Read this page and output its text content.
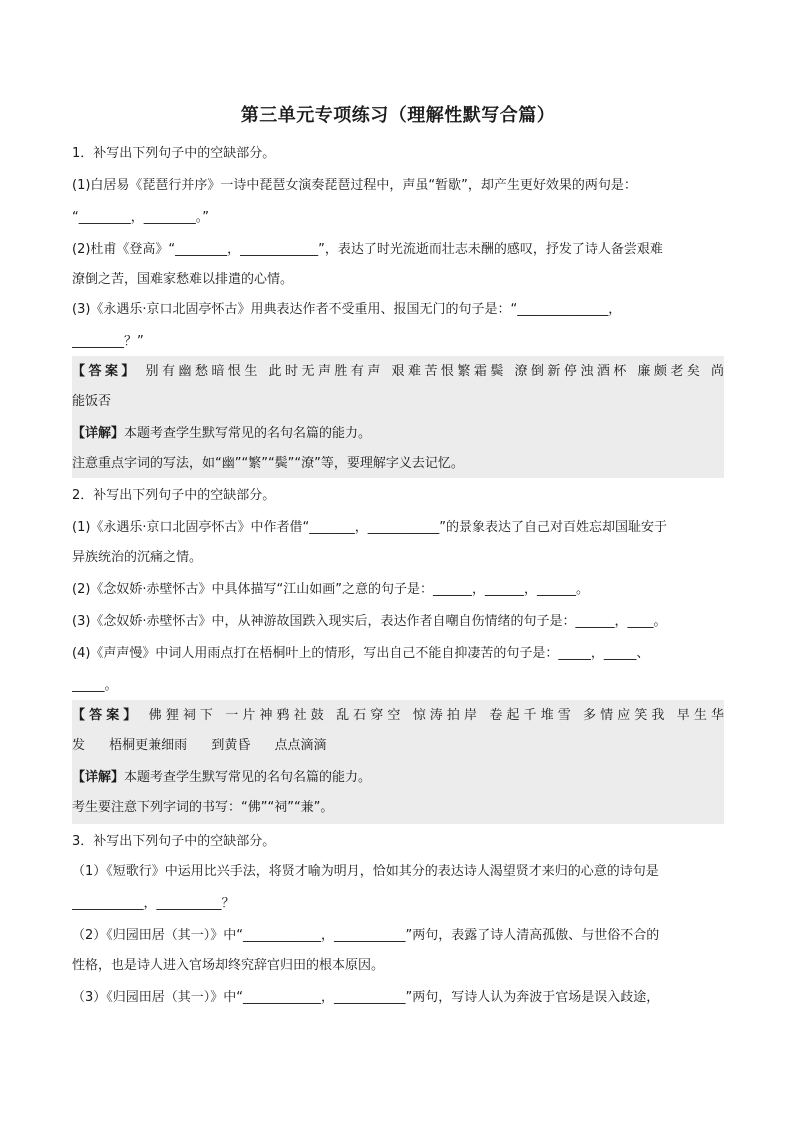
第三单元专项练习（理解性默写合篇）
1．补写出下列句子中的空缺部分。
(1)白居易《琵琶行并序》一诗中琵琶女演奏琵琶过程中，声虽“暂歇”，却产生更好效果的两句是：
“________，________。”
(2)杜甫《登高》“________，____________”，表达了时光流逝而壮志未酬的感叹，抒发了诗人备尝艰难
潦倒之苦，国难家愁难以排遣的心情。
(3)《永遇乐·京口北固亭怀古》用典表达作者不受重用、报国无门的句子是：“______________，
________？”
【答案】 别有幽愁暗恨生 此时无声胜有声 艰难苦恨繁霜鬓 潦倒新停浊酒杯 廉颇老矣 尚
能饭否
【详解】本题考查学生默写常见的名句名篇的能力。
注意重点字词的写法，如“幽”“繁”“鬓”“潦”等，要理解字义去记忆。
2．补写出下列句子中的空缺部分。
(1)《永遇乐·京口北固亭怀古》中作者借“_______，___________”的景象表达了自己对百姓忘却国耻安于
异族统治的沉痛之情。
(2)《念奴娇·赤壁怀古》中具体描写“江山如画”之意的句子是：______，______，______。
(3)《念奴娇·赤壁怀古》中，从神游故国跌入现实后，表达作者自嘲自伤情绪的句子是：______，____。
(4)《声声慢》中词人用雨点打在梧桐叶上的情形，写出自己不能自抑凄苦的句子是：_____，_____、
_____。
【答案】 佛狸祠下 一片神鸦社鼓 乱石穿空 惊涛拍岸 卷起千堆雪 多情应笑我 早生华
发 梧桐更兼细雨 到黄昏 点点滴滴
【详解】本题考查学生默写常见的名句名篇的能力。
考生要注意下列字词的书写：“佛”“祠”“兼”。
3．补写出下列句子中的空缺部分。
（1）《短歌行》中运用比兴手法，将贤才喻为明月，恰如其分的表达诗人渴望贤才来归的心意的诗句是
___________，__________？
（2）《归园田居（其一）》中“____________，___________”两句，表露了诗人清高孤傲、与世俗不合的
性格，也是诗人进入官场却终究辞官归田的根本原因。
（3）《归园田居（其一）》中“____________，___________”两句，写诗人认为奔波于官场是误入歧途，
